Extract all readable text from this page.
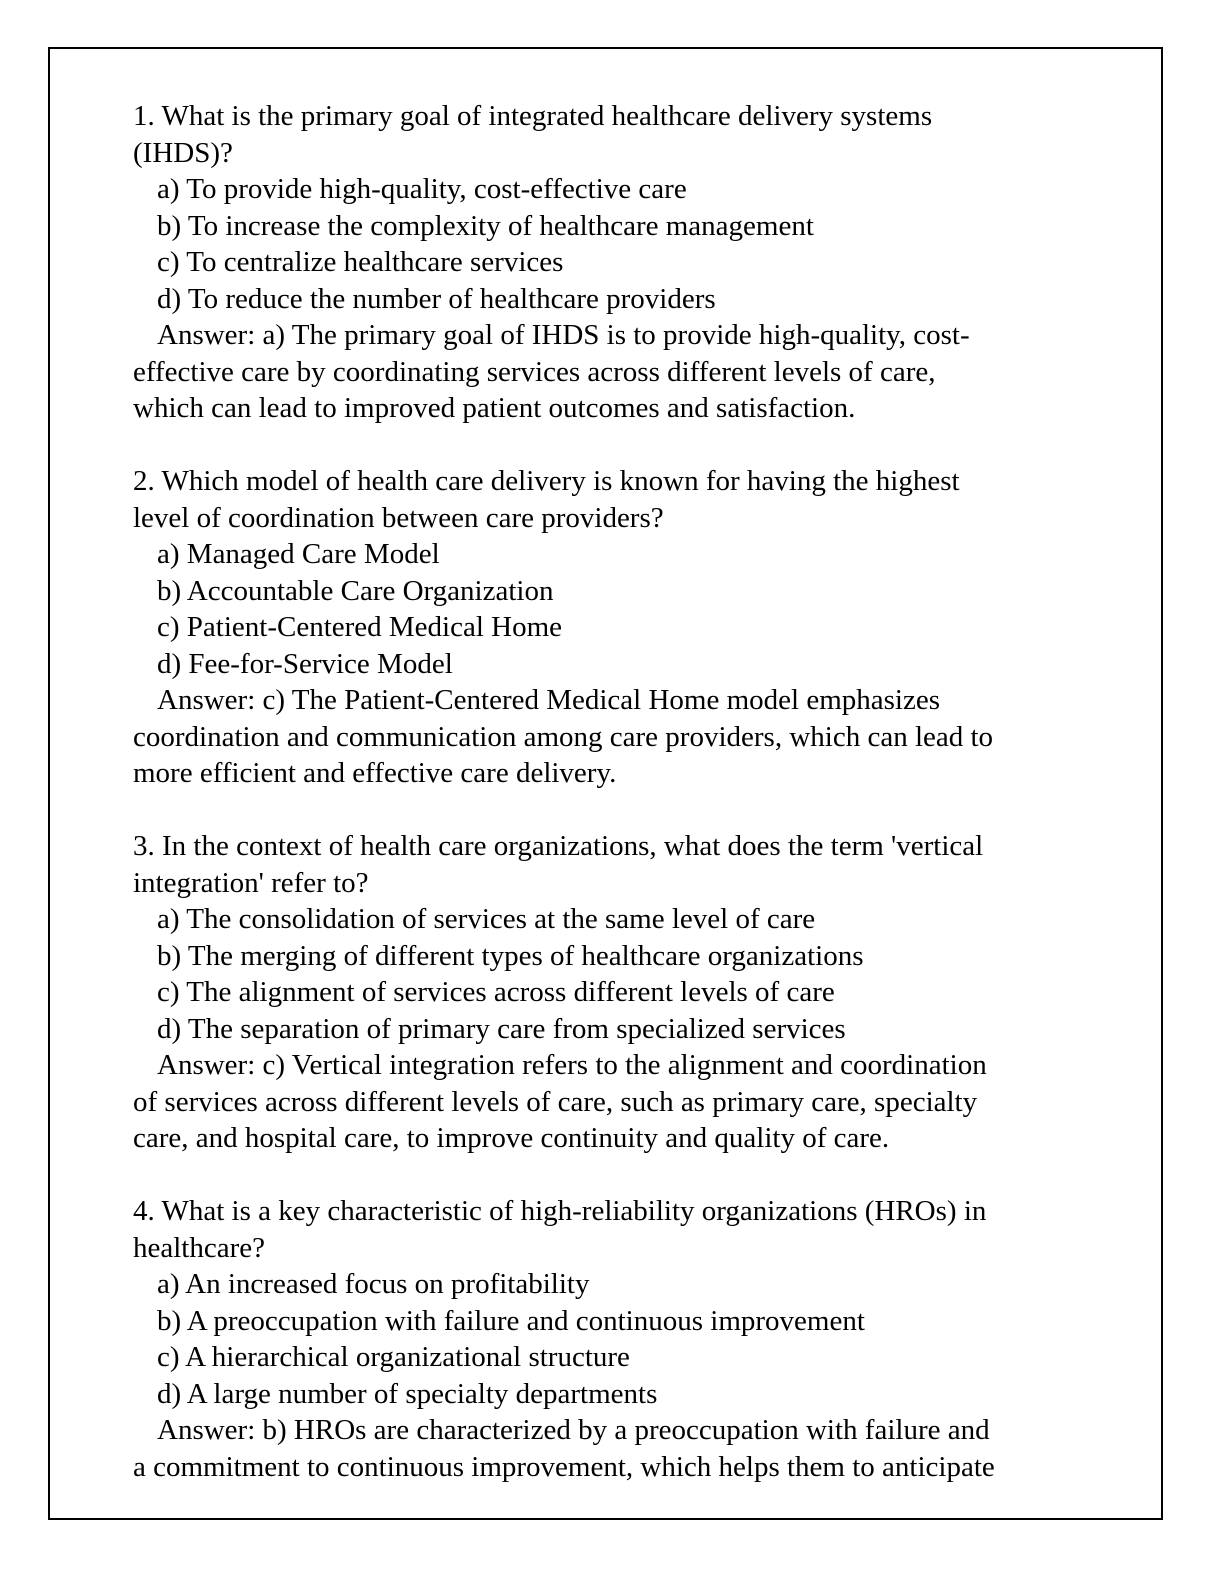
1. What is the primary goal of integrated healthcare delivery systems
(IHDS)?
a) To provide high-quality, cost-effective care
b) To increase the complexity of healthcare management
c) To centralize healthcare services
d) To reduce the number of healthcare providers
Answer: a) The primary goal of IHDS is to provide high-quality, cost-
effective care by coordinating services across different levels of care,
which can lead to improved patient outcomes and satisfaction.
2. Which model of health care delivery is known for having the highest
level of coordination between care providers?
a) Managed Care Model
b) Accountable Care Organization
c) Patient-Centered Medical Home
d) Fee-for-Service Model
Answer: c) The Patient-Centered Medical Home model emphasizes
coordination and communication among care providers, which can lead to
more efficient and effective care delivery.
3. In the context of health care organizations, what does the term 'vertical
integration' refer to?
a) The consolidation of services at the same level of care
b) The merging of different types of healthcare organizations
c) The alignment of services across different levels of care
d) The separation of primary care from specialized services
Answer: c) Vertical integration refers to the alignment and coordination
of services across different levels of care, such as primary care, specialty
care, and hospital care, to improve continuity and quality of care.
4. What is a key characteristic of high-reliability organizations (HROs) in
healthcare?
a) An increased focus on profitability
b) A preoccupation with failure and continuous improvement
c) A hierarchical organizational structure
d) A large number of specialty departments
Answer: b) HROs are characterized by a preoccupation with failure and
a commitment to continuous improvement, which helps them to anticipate
